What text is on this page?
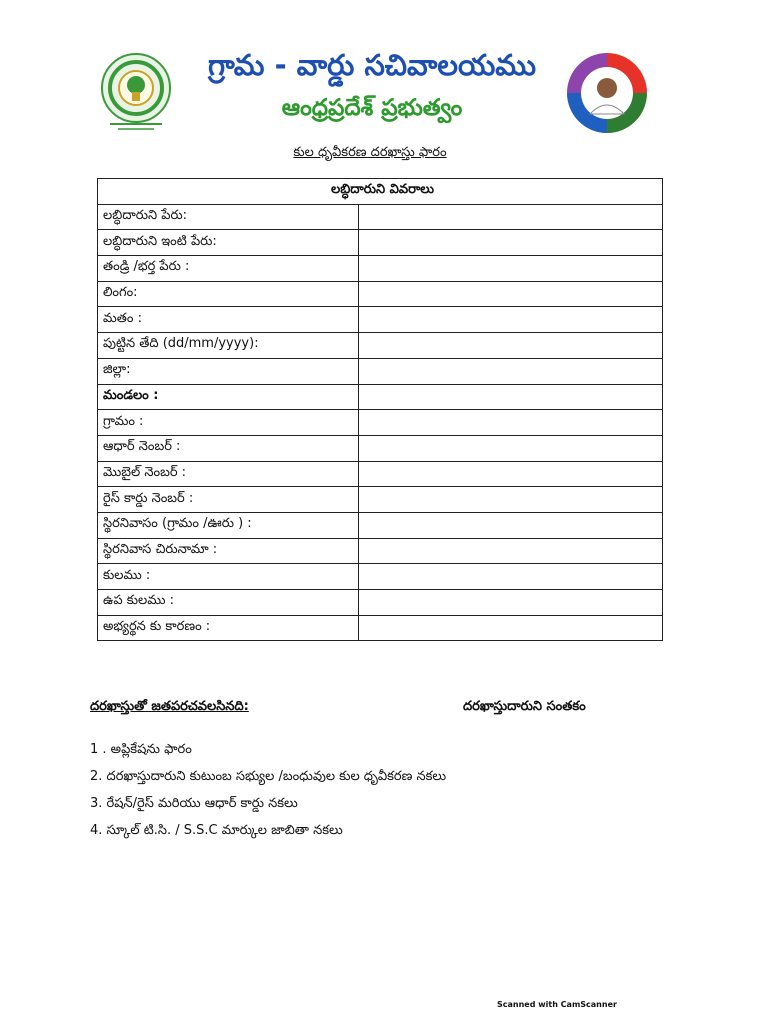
గ్రామ - వార్డు సచివాలయము
ఆంధ్రప్రదేశ్ ప్రభుత్వం
కుల ధృవీకరణ దరఖాస్తు ఫారం
లబ్ధిదారుని వివరాలు	
లబ్ధిదారుని పేరు:	
లబ్ధిదారుని ఇంటి పేరు:	
తండ్రి /భర్త పేరు :	
లింగం:	
మతం :	
పుట్టిన తేది (dd/mm/yyyy):	
జిల్లా:	
మండలం :	
గ్రామం :	
ఆధార్ నెంబర్ :	
మొబైల్ నెంబర్ :	
రైస్ కార్డు నెంబర్ :	
స్థిరనివాసం (గ్రామం /ఊరు ) :	
స్థిరనివాస చిరునామా :	
కులము :	
ఉప కులము :	
అభ్యర్థన కు కారణం :	
దరఖాస్తుతో జతపరచవలసినది:	దరఖాస్తుదారుని సంతకం
1 . అప్లికేషను ఫారం
2. దరఖాస్తుదారుని కుటుంబ సభ్యుల /బంధువుల కుల ధృవీకరణ నకలు
3. రేషన్/రైస్ మరియు ఆధార్ కార్డు నకలు
4. స్కూల్ టి.సి. / S.S.C మార్కుల జాబితా నకలు
Scanned with CamScanner
